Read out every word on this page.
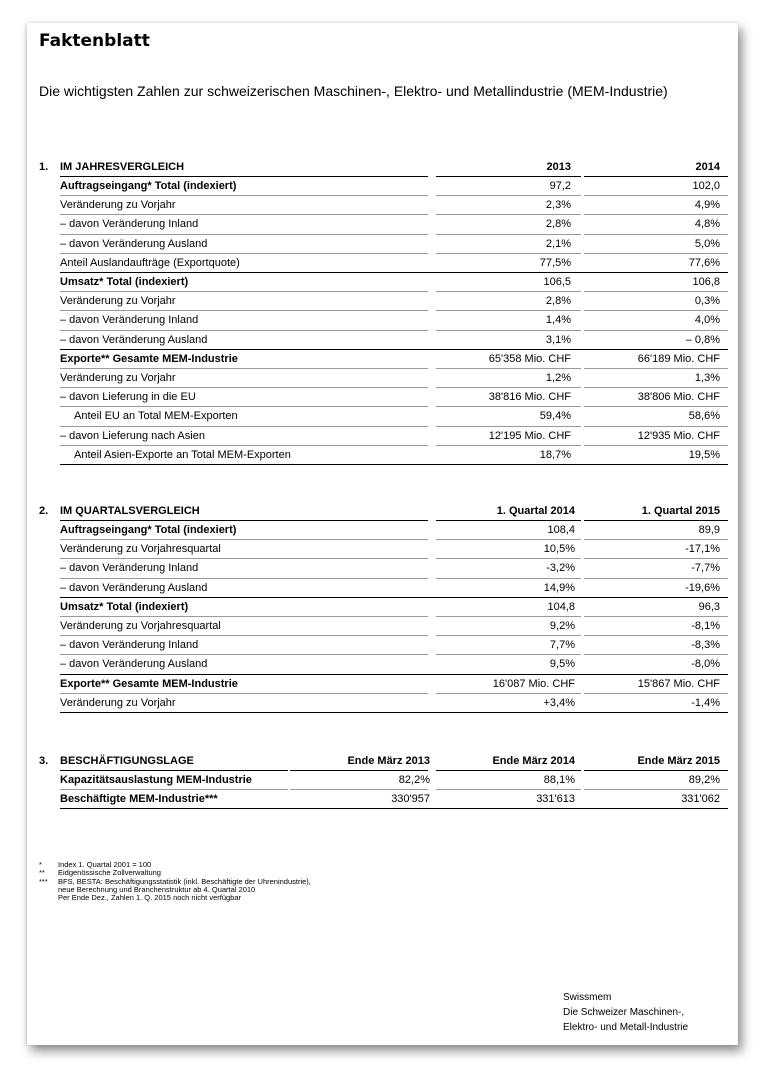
Faktenblatt
Die wichtigsten Zahlen zur schweizerischen Maschinen-, Elektro- und Metallindustrie (MEM-Industrie)
1. IM JAHRESVERGLEICH	2013	2014
Auftragseingang* Total (indexiert)	97,2	102,0
Veränderung zu Vorjahr	2,3%	4,9%
– davon Veränderung Inland	2,8%	4,8%
– davon Veränderung Ausland	2,1%	5,0%
Anteil Auslandaufträge (Exportquote)	77,5%	77,6%
Umsatz* Total (indexiert)	106,5	106,8
Veränderung zu Vorjahr	2,8%	0,3%
– davon Veränderung Inland	1,4%	4,0%
– davon Veränderung Ausland	3,1%	– 0,8%
Exporte** Gesamte MEM-Industrie	65'358 Mio. CHF	66'189 Mio. CHF
Veränderung zu Vorjahr	1,2%	1,3%
– davon Lieferung in die EU	38'816 Mio. CHF	38'806 Mio. CHF
Anteil EU an Total MEM-Exporten	59,4%	58,6%
– davon Lieferung nach Asien	12'195 Mio. CHF	12'935 Mio. CHF
Anteil Asien-Exporte an Total MEM-Exporten	18,7%	19,5%
2. IM QUARTALSVERGLEICH	1. Quartal 2014	1. Quartal 2015
Auftragseingang* Total (indexiert)	108,4	89,9
Veränderung zu Vorjahresquartal	10,5%	-17,1%
– davon Veränderung Inland	-3,2%	-7,7%
– davon Veränderung Ausland	14,9%	-19,6%
Umsatz* Total (indexiert)	104,8	96,3
Veränderung zu Vorjahresquartal	9,2%	-8,1%
– davon Veränderung Inland	7,7%	-8,3%
– davon Veränderung Ausland	9,5%	-8,0%
Exporte** Gesamte MEM-Industrie	16'087 Mio. CHF	15'867 Mio. CHF
Veränderung zu Vorjahr	+3,4%	-1,4%
3. BESCHÄFTIGUNGSLAGE	Ende März 2013	Ende März 2014	Ende März 2015
Kapazitätsauslastung MEM-Industrie	82,2%	88,1%	89,2%
Beschäftigte MEM-Industrie***	330'957	331'613	331'062
* Index 1. Quartal 2001 = 100
** Eidgenössische Zollverwaltung
*** BFS, BESTA: Beschäftigungsstatistik (inkl. Beschäftigte der Uhrenindustrie),
neue Berechnung und Branchenstruktur ab 4. Quartal 2010
Per Ende Dez., Zahlen 1. Q. 2015 noch nicht verfügbar
Swissmem
Die Schweizer Maschinen-,
Elektro- und Metall-Industrie
